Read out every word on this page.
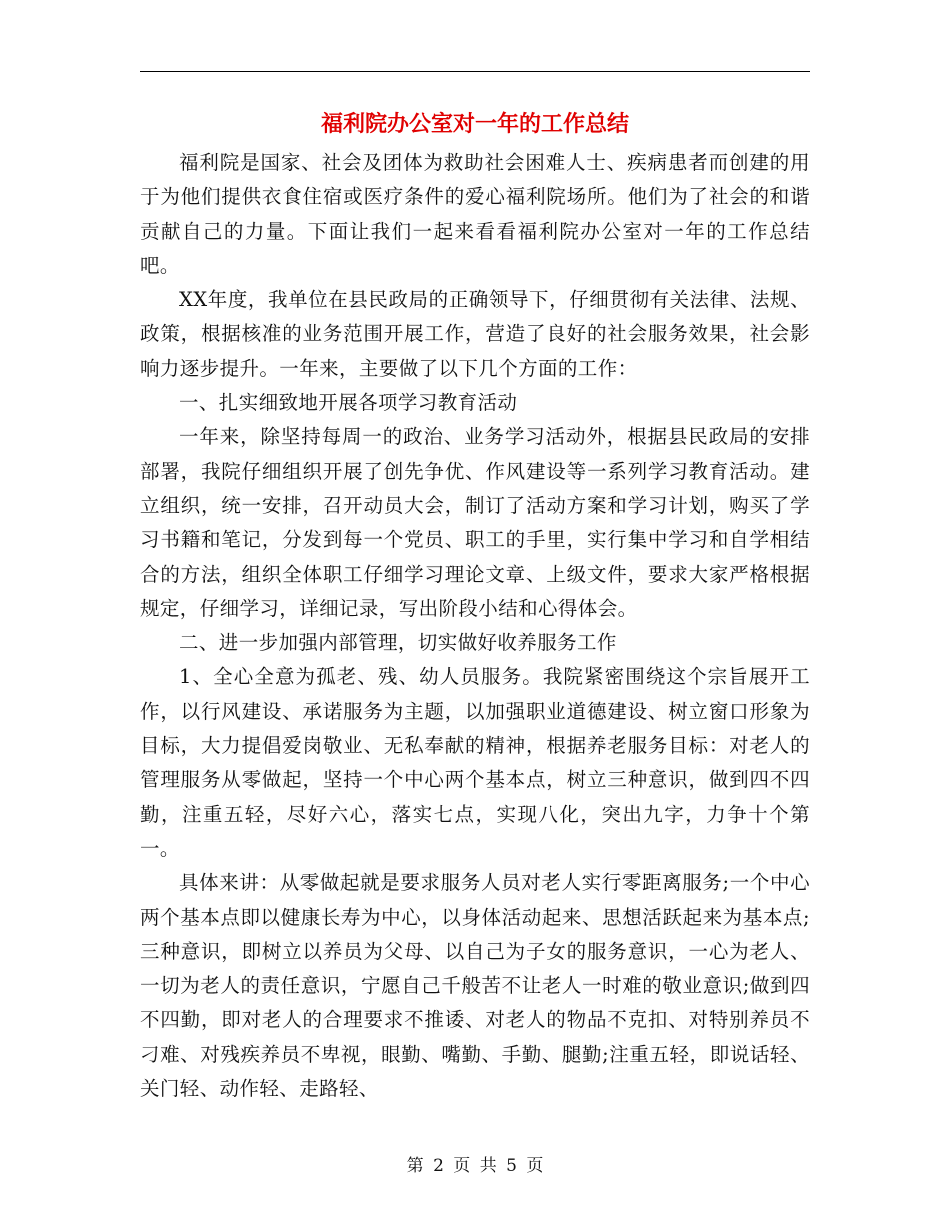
福利院办公室对一年的工作总结

福利院是国家、社会及团体为救助社会困难人士、疾病患者而创建的用于为他们提供衣食住宿或医疗条件的爱心福利院场所。他们为了社会的和谐贡献自己的力量。下面让我们一起来看看福利院办公室对一年的工作总结吧。

XX年度，我单位在县民政局的正确领导下，仔细贯彻有关法律、法规、政策，根据核准的业务范围开展工作，营造了良好的社会服务效果，社会影响力逐步提升。一年来，主要做了以下几个方面的工作：

一、扎实细致地开展各项学习教育活动

一年来，除坚持每周一的政治、业务学习活动外，根据县民政局的安排部署，我院仔细组织开展了创先争优、作风建设等一系列学习教育活动。建立组织，统一安排，召开动员大会，制订了活动方案和学习计划，购买了学习书籍和笔记，分发到每一个党员、职工的手里，实行集中学习和自学相结合的方法，组织全体职工仔细学习理论文章、上级文件，要求大家严格根据规定，仔细学习，详细记录，写出阶段小结和心得体会。

二、进一步加强内部管理，切实做好收养服务工作

1、全心全意为孤老、残、幼人员服务。我院紧密围绕这个宗旨展开工作，以行风建设、承诺服务为主题，以加强职业道德建设、树立窗口形象为目标，大力提倡爱岗敬业、无私奉献的精神，根据养老服务目标：对老人的管理服务从零做起，坚持一个中心两个基本点，树立三种意识，做到四不四勤，注重五轻，尽好六心，落实七点，实现八化，突出九字，力争十个第一。

具体来讲：从零做起就是要求服务人员对老人实行零距离服务;一个中心两个基本点即以健康长寿为中心，以身体活动起来、思想活跃起来为基本点;三种意识，即树立以养员为父母、以自己为子女的服务意识，一心为老人、一切为老人的责任意识，宁愿自己千般苦不让老人一时难的敬业意识;做到四不四勤，即对老人的合理要求不推诿、对老人的物品不克扣、对特别养员不刁难、对残疾养员不卑视，眼勤、嘴勤、手勤、腿勤;注重五轻，即说话轻、关门轻、动作轻、走路轻、

第 2 页 共 5 页
